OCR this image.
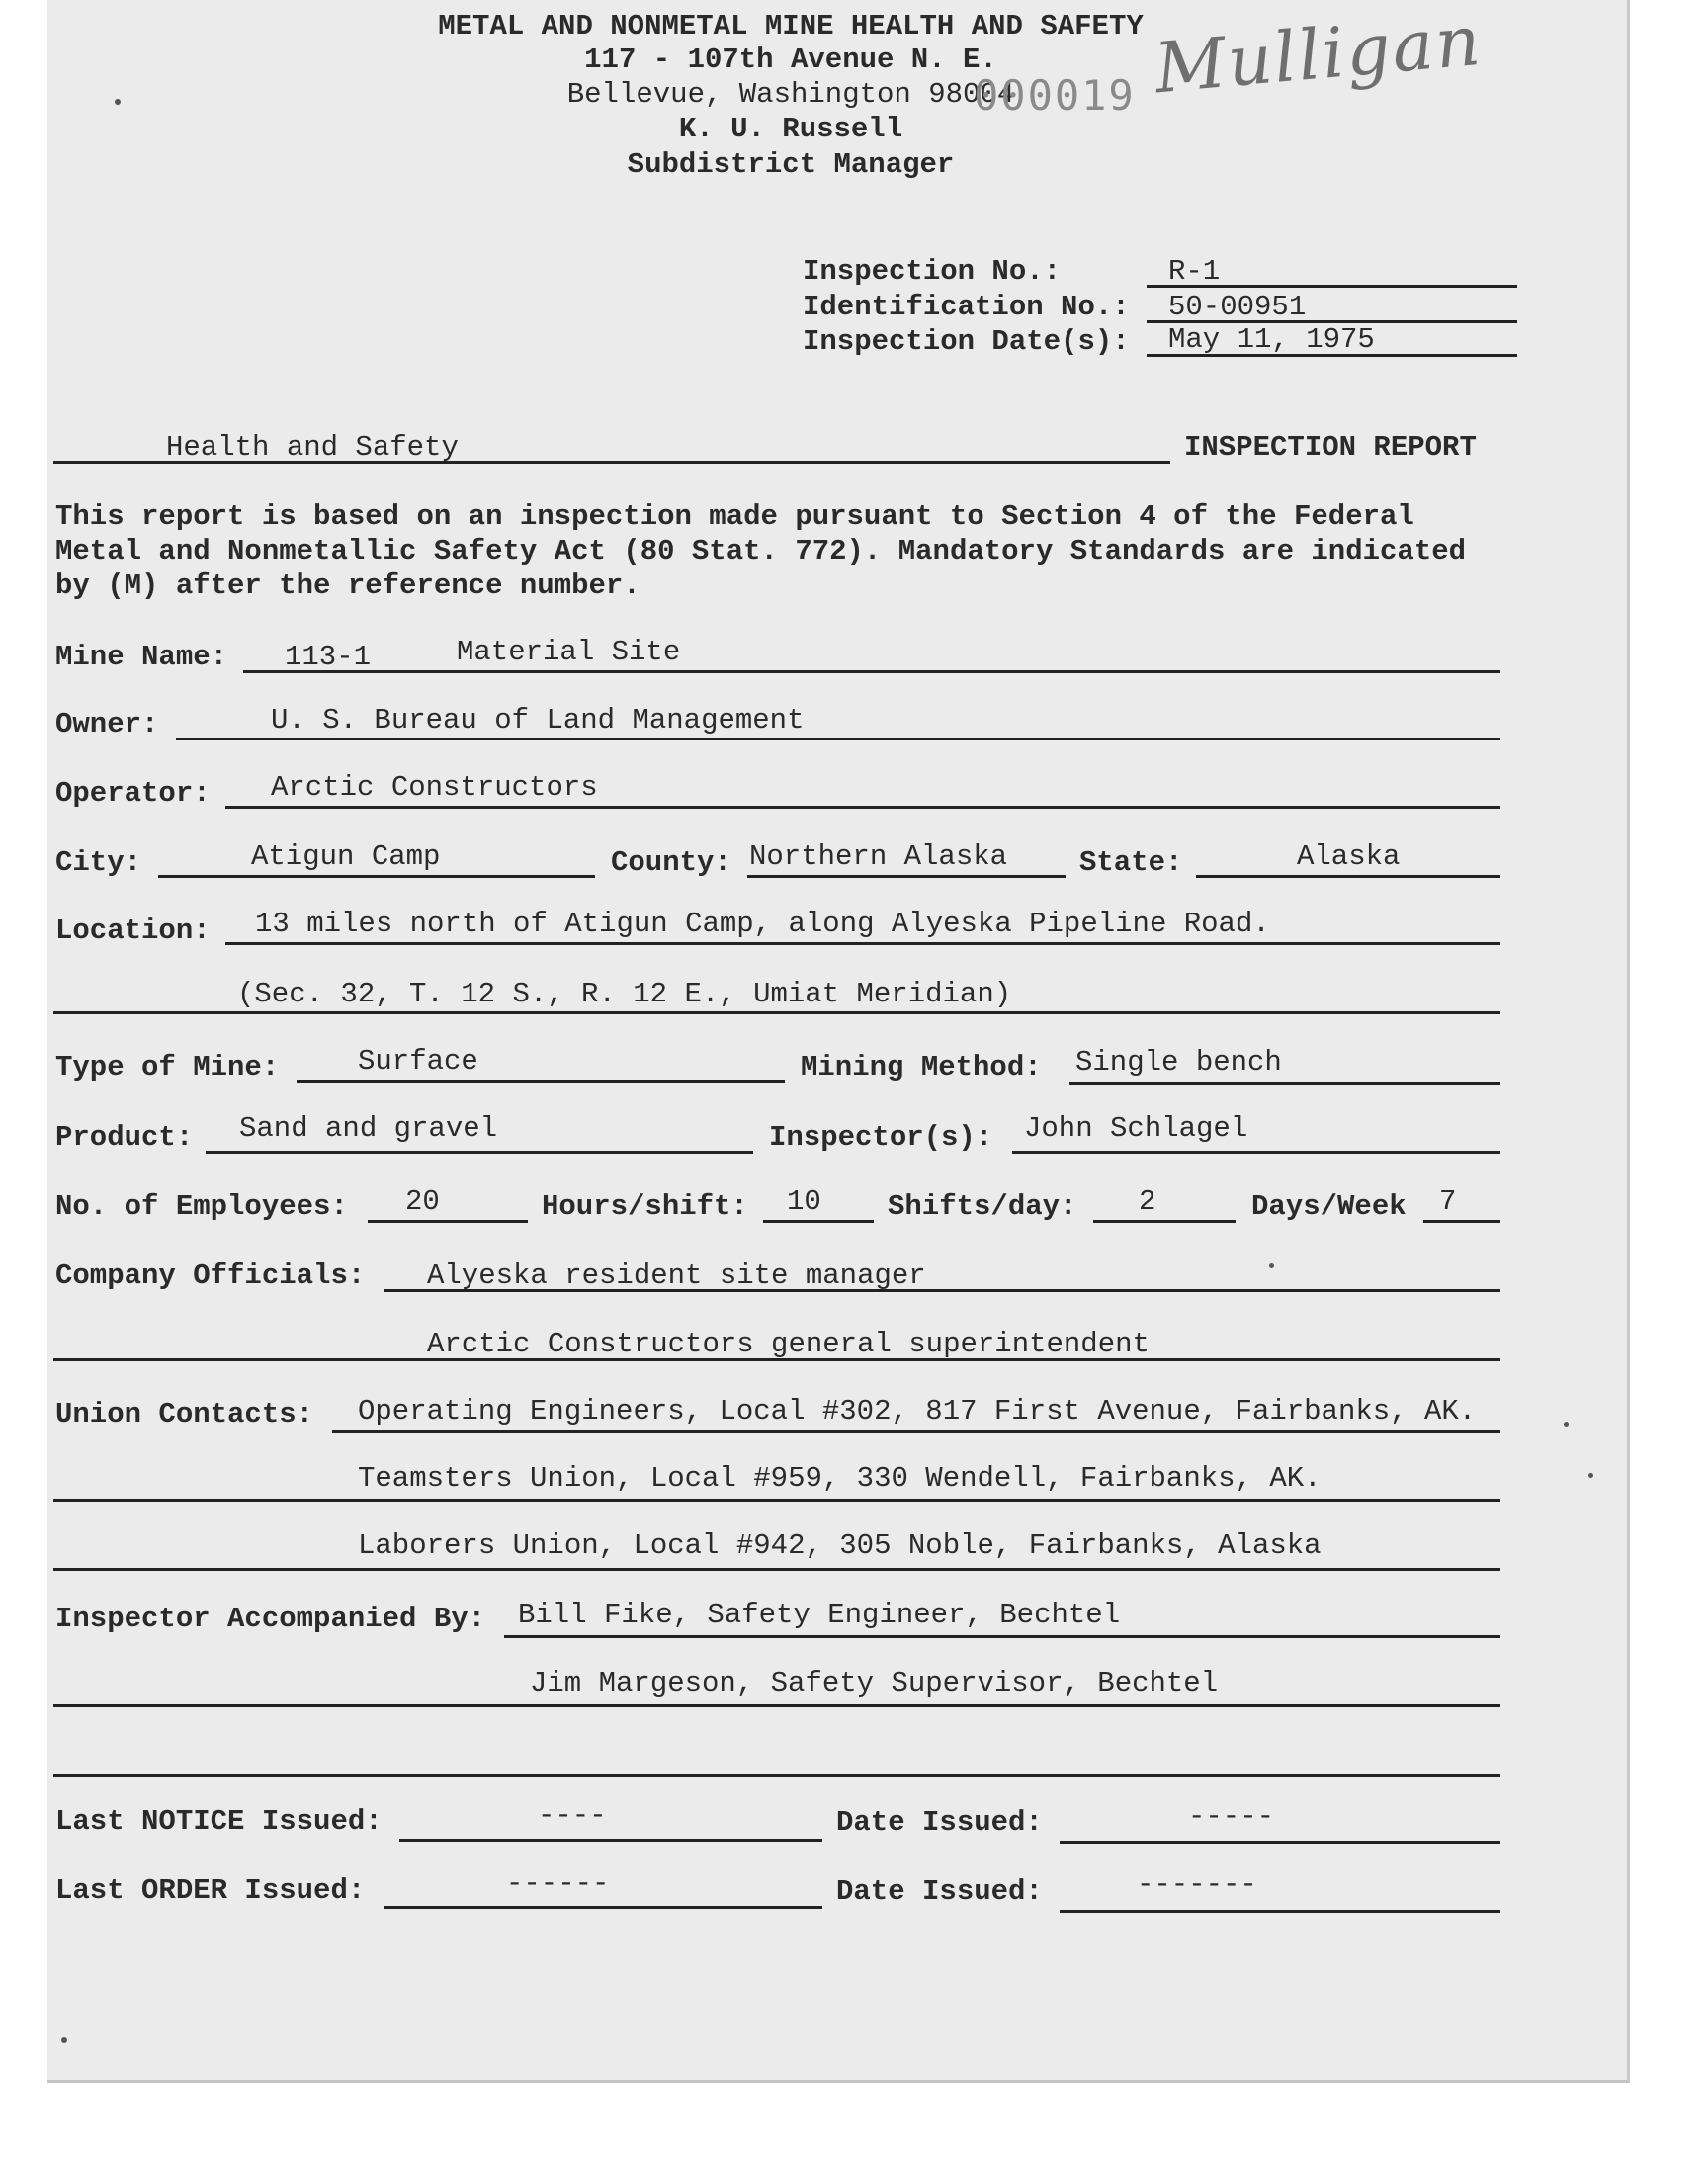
METAL AND NONMETAL MINE HEALTH AND SAFETY
117 - 107th Avenue N. E.
Bellevue, Washington 98004
K. U. Russell
Subdistrict Manager
000019 Mulligan
Inspection No.:	R-1
Identification No.: 50-00951
Inspection Date(s): May 11, 1975
Health and Safety	INSPECTION REPORT
This report is based on an inspection made pursuant to Section 4 of the Federal
Metal and Nonmetallic Safety Act (80 Stat. 772). Mandatory Standards are indicated
by (M) after the reference number.
Mine Name: 113-1	Material Site
Owner:	U. S. Bureau of Land Management
Operator: Arctic Constructors
City:	Atigun Camp	County: Northern Alaska	State:	Alaska
Location: 13 miles north of Atigun Camp, along Alyeska Pipeline Road.
(Sec. 32, T. 12 S., R. 12 E., Umiat Meridian)
Type of Mine:	Surface	Mining Method: Single bench
Product: Sand and gravel	Inspector(s): John Schlagel
No. of Employees: 20	Hours/shift: 10 Shifts/day: 2	Days/Week 7
Company Officials: Alyeska resident site manager
Arctic Constructors general superintendent
Union Contacts: Operating Engineers, Local #302, 817 First Avenue, Fairbanks, AK.
Teamsters Union, Local #959, 330 Wendell, Fairbanks, AK.
Laborers Union, Local #942, 305 Noble, Fairbanks, Alaska
Inspector Accompanied By: Bill Fike, Safety Engineer, Bechtel
Jim Margeson, Safety Supervisor, Bechtel
Last NOTICE Issued:	----	Date Issued:	-----
Last ORDER Issued:	------	Date Issued:	-------
